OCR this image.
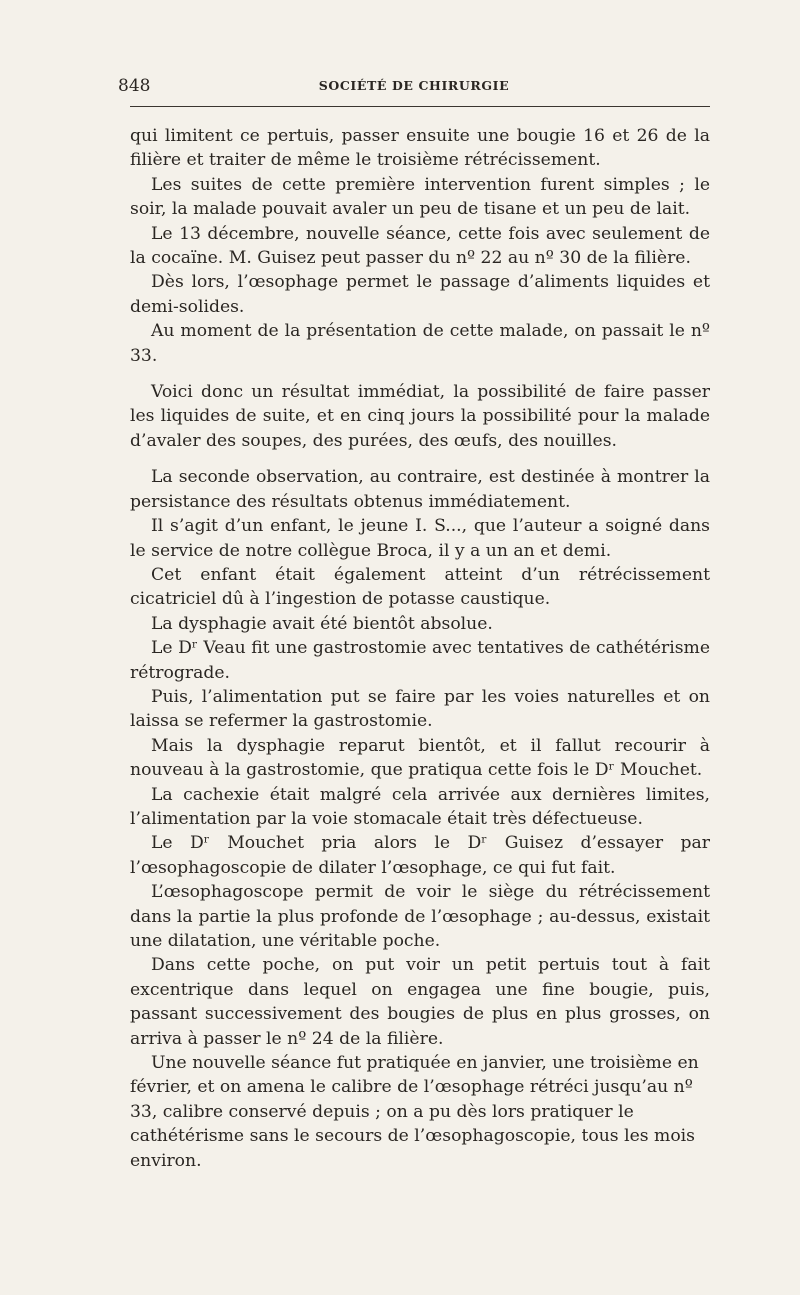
848	SOCIÉTÉ DE CHIRURGIE

qui limitent ce pertuis, passer ensuite une bougie 16 et 26 de la filière et traiter de même le troisième rétrécissement.

Les suites de cette première intervention furent simples ; le soir, la malade pouvait avaler un peu de tisane et un peu de lait.

Le 13 décembre, nouvelle séance, cette fois avec seulement de la cocaïne. M. Guisez peut passer du nº 22 au nº 30 de la filière.

Dès lors, l’œsophage permet le passage d’aliments liquides et demi-solides.

Au moment de la présentation de cette malade, on passait le nº 33.

Voici donc un résultat immédiat, la possibilité de faire passer les liquides de suite, et en cinq jours la possibilité pour la malade d’avaler des soupes, des purées, des œufs, des nouilles.

La seconde observation, au contraire, est destinée à montrer la persistance des résultats obtenus immédiatement.

Il s’agit d’un enfant, le jeune I. S..., que l’auteur a soigné dans le service de notre collègue Broca, il y a un an et demi.

Cet enfant était également atteint d’un rétrécissement cicatriciel dû à l’ingestion de potasse caustique.

La dysphagie avait été bientôt absolue.

Le Dʳ Veau fit une gastrostomie avec tentatives de cathétérisme rétrograde.

Puis, l’alimentation put se faire par les voies naturelles et on laissa se refermer la gastrostomie.

Mais la dysphagie reparut bientôt, et il fallut recourir à nouveau à la gastrostomie, que pratiqua cette fois le Dʳ Mouchet.

La cachexie était malgré cela arrivée aux dernières limites, l’alimentation par la voie stomacale était très défectueuse.

Le Dʳ Mouchet pria alors le Dʳ Guisez d’essayer par l’œsophagoscopie de dilater l’œsophage, ce qui fut fait.

L’œsophagoscope permit de voir le siège du rétrécissement dans la partie la plus profonde de l’œsophage ; au-dessus, existait une dilatation, une véritable poche.

Dans cette poche, on put voir un petit pertuis tout à fait excentrique dans lequel on engagea une fine bougie, puis, passant successivement des bougies de plus en plus grosses, on arriva à passer le nº 24 de la filière.

Une nouvelle séance fut pratiquée en janvier, une troisième en février, et on amena le calibre de l’œsophage rétréci jusqu’au nº 33, calibre conservé depuis ; on a pu dès lors pratiquer le cathétérisme sans le secours de l’œsophagoscopie, tous les mois environ.
